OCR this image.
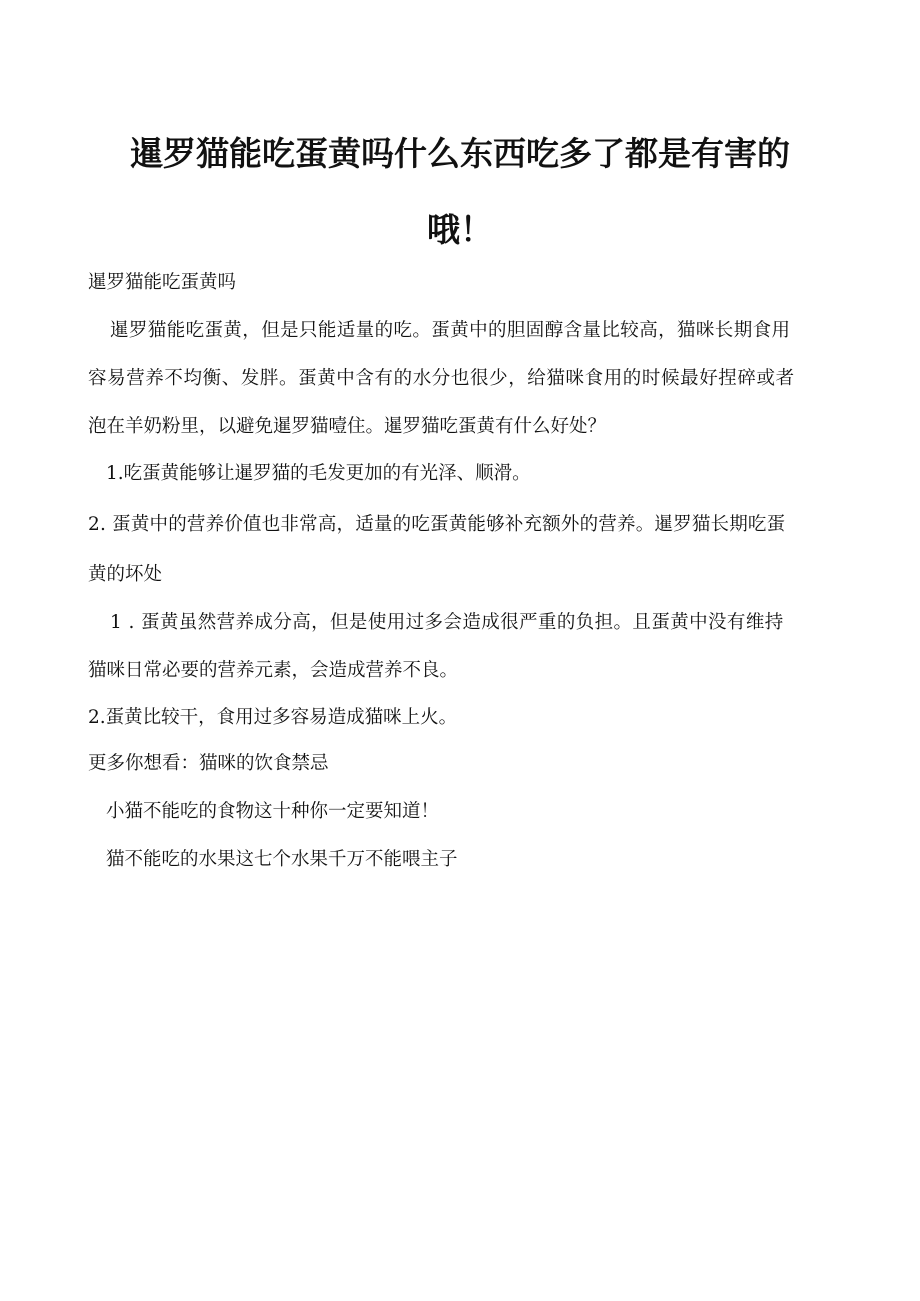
暹罗猫能吃蛋黄吗什么东西吃多了都是有害的
哦！
暹罗猫能吃蛋黄吗
暹罗猫能吃蛋黄，但是只能适量的吃。蛋黄中的胆固醇含量比较高，猫咪长期食用
容易营养不均衡、发胖。蛋黄中含有的水分也很少，给猫咪食用的时候最好捏碎或者
泡在羊奶粉里，以避免暹罗猫噎住。暹罗猫吃蛋黄有什么好处？
1.吃蛋黄能够让暹罗猫的毛发更加的有光泽、顺滑。
2. 蛋黄中的营养价值也非常高，适量的吃蛋黄能够补充额外的营养。暹罗猫长期吃蛋
黄的坏处
1 . 蛋黄虽然营养成分高，但是使用过多会造成很严重的负担。且蛋黄中没有维持
猫咪日常必要的营养元素，会造成营养不良。
2.蛋黄比较干，食用过多容易造成猫咪上火。
更多你想看：猫咪的饮食禁忌
小猫不能吃的食物这十种你一定要知道！
猫不能吃的水果这七个水果千万不能喂主子
